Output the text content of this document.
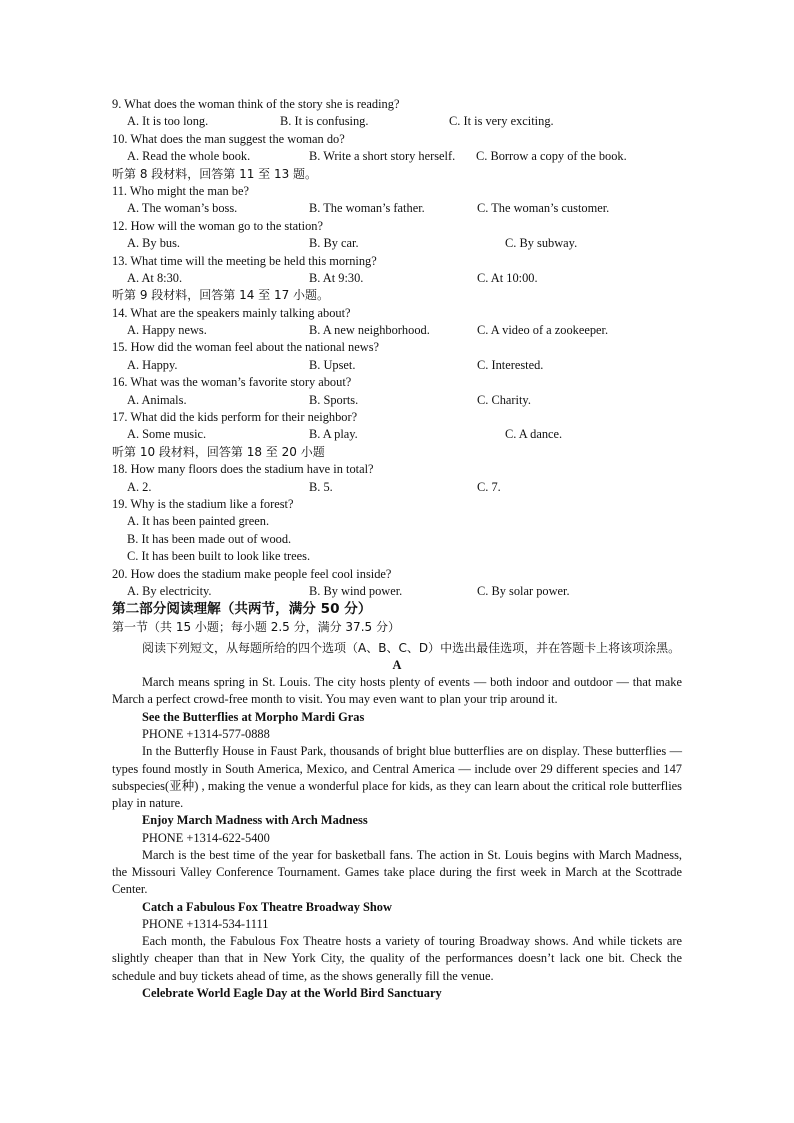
9. What does the woman think of the story she is reading?
A. It is too long.	B. It is confusing.	C. It is very exciting.
10. What does the man suggest the woman do?
A. Read the whole book.	B. Write a short story herself. C. Borrow a copy of the book.
听第 8 段材料，回答第 11 至 13 题。
11. Who might the man be?
A. The woman’s boss.	B. The woman’s father.	C. The woman’s customer.
12. How will the woman go to the station?
A. By bus.	B. By car.	C. By subway.
13. What time will the meeting be held this morning?
A. At 8:30.	B. At 9:30.	C. At 10:00.
听第 9 段材料，回答第 14 至 17 小题。
14. What are the speakers mainly talking about?
A. Happy news.	B. A new neighborhood.	C. A video of a zookeeper.
15. How did the woman feel about the national news?
A. Happy.	B. Upset.	C. Interested.
16. What was the woman’s favorite story about?
A. Animals.	B. Sports.	C. Charity.
17. What did the kids perform for their neighbor?
A. Some music.	B. A play.	C. A dance.
听第 10 段材料，回答第 18 至 20 小题
18. How many floors does the stadium have in total?
A. 2.	B. 5.	C. 7.
19. Why is the stadium like a forest?
A. It has been painted green.
B. It has been made out of wood.
C. It has been built to look like trees.
20. How does the stadium make people feel cool inside?
A. By electricity.	B. By wind power.	C. By solar power.
第二部分阅读理解（共两节，满分 50 分）
第一节（共 15 小题；每小题 2.5 分，满分 37.5 分）

阅读下列短文，从每题所给的四个选项（A、B、C、D）中选出最佳选项，并在答题卡上将该项涂黑。

A

March means spring in St. Louis. The city hosts plenty of events — both indoor and outdoor — that make March a perfect crowd-free month to visit. You may even want to plan your trip around it.

See the Butterflies at Morpho Mardi Gras
PHONE +1314-577-0888

In the Butterfly House in Faust Park, thousands of bright blue butterflies are on display. These butterflies — types found mostly in South America, Mexico, and Central America — include over 29 different species and 147 subspecies(亚种) , making the venue a wonderful place for kids, as they can learn about the critical role butterflies play in nature.

Enjoy March Madness with Arch Madness
PHONE +1314-622-5400

March is the best time of the year for basketball fans. The action in St. Louis begins with March Madness, the Missouri Valley Conference Tournament. Games take place during the first week in March at the Scottrade Center.

Catch a Fabulous Fox Theatre Broadway Show
PHONE +1314-534-1111

Each month, the Fabulous Fox Theatre hosts a variety of touring Broadway shows. And while tickets are slightly cheaper than that in New York City, the quality of the performances doesn’t lack one bit. Check the schedule and buy tickets ahead of time, as the shows generally fill the venue.

Celebrate World Eagle Day at the World Bird Sanctuary
